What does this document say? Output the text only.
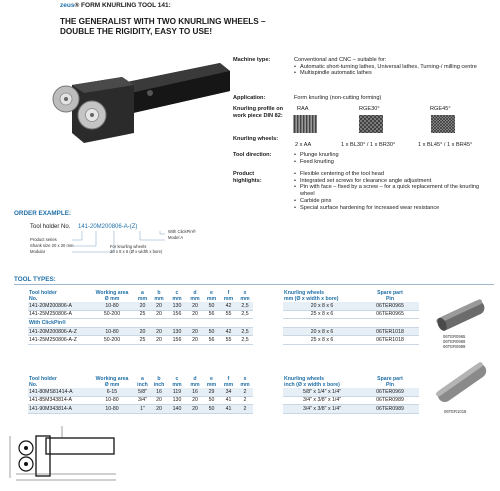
zeus® FORM KNURLING TOOL 141:
THE GENERALIST WITH TWO KNURLING WHEELS –
DOUBLE THE RIGIDITY, EASY TO USE!
Machine type:	Conventional and CNC – suitable for:
• Automatic short-turning lathes, Universal lathes, Turning-/ milling centre
• Multispindle automatic lathes
Application:	Form knurling (non-cutting forming)
Knurling profile on work piece DIN 82:
RAA	RGE30°	RGE45°
Knurling wheels:
2 x AA	1 x BL30° / 1 x BR30°	1 x BL45° / 1 x BR45°
Tool direction:	• Plunge knurling
• Feed knurling
Product highlights:
• Flexible centering of the tool head
• Integrated set screws for clearance angle adjustment
• Pin with face – fixed by a screw – for a quick replacement of the knurling wheel
• Carbide pins
• Special surface hardening for increased wear resistance
ORDER EXAMPLE:
Tool holder No. 141-20M200806-A-(Z)
Product series
Shank size 20 x 20 mm
Modular
With ClickPin®
Model A
For knurling wheels
20 x 8 x 6 (Ø x width x bore)
TOOL TYPES:
Tool holder	Working area	a	b	c	d	e	f	x
No.	Ø mm	mm	mm	mm	mm	mm	mm	mm
141-20M200806-A	10-80	20	20	130	20	50	42	2,5
141-25M250806-A	50-200	25	20	156	20	56	55	2,5
With ClickPin®								
141-20M200806-A-Z	10-80	20	20	130	20	50	42	2,5
141-25M250806-A-Z	50-200	25	20	156	20	56	55	2,5
Knurling wheels	Spare part
mm (Ø x width x bore)	Pin
20 x 8 x 6	06TER0965
25 x 8 x 6	06TER0965

20 x 8 x 6	06TER1018
25 x 8 x 6	06TER1018
Tool holder	Working area	a	b	c	d	e	f	x
No.	Ø mm	inch	inch	mm	mm	mm	mm	mm
141-80MS81414-A	6-15	5/8"	16	119	16	29	34	2
141-85M343814-A	10-80	3/4"	20	130	20	50	41	2
141-90M343814-A	10-80	1"	20	140	20	50	41	2
Knurling wheels	Spare part
inch (Ø x width x bore)	Pin
5/8" x 1/4" x 1/4"	06TER0969
3/4" x 3/8" x 1/4"	06TER0989
3/4" x 3/8" x 1/4"	06TER0989
06TER0965
06TER0969
06TER0989
06TER1018
